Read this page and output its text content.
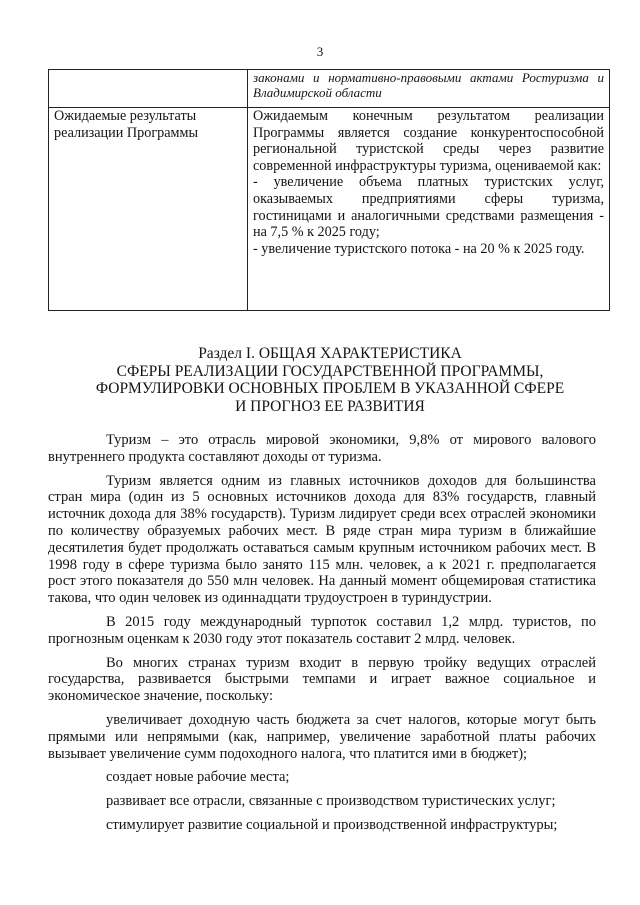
3
	законами и нормативно-правовыми актами Ростуризма и Владимирской области
Ожидаемые результаты реализации Программы	Ожидаемым конечным результатом реализации Программы является создание конкурентоспособной региональной туристской среды через развитие современной инфраструктуры туризма, оцениваемой как:

- увеличение объема платных туристских услуг, оказываемых предприятиями сферы туризма, гостиницами и аналогичными средствами размещения - на 7,5 % к 2025 году;

- увеличение туристского потока - на 20 % к 2025 году.

Раздел I. ОБЩАЯ ХАРАКТЕРИСТИКА
СФЕРЫ РЕАЛИЗАЦИИ ГОСУДАРСТВЕННОЙ ПРОГРАММЫ,
ФОРМУЛИРОВКИ ОСНОВНЫХ ПРОБЛЕМ В УКАЗАННОЙ СФЕРЕ
И ПРОГНОЗ ЕЕ РАЗВИТИЯ

Туризм – это отрасль мировой экономики, 9,8% от мирового валового внутреннего продукта составляют доходы от туризма.

Туризм является одним из главных источников доходов для большинства стран мира (один из 5 основных источников дохода для 83% государств, главный источник дохода для 38% государств). Туризм лидирует среди всех отраслей экономики по количеству образуемых рабочих мест. В ряде стран мира туризм в ближайшие десятилетия будет продолжать оставаться самым крупным источником рабочих мест. В 1998 году в сфере туризма было занято 115 млн. человек, а к 2021 г. предполагается рост этого показателя до 550 млн человек. На данный момент общемировая статистика такова, что один человек из одиннадцати трудоустроен в туриндустрии.

В 2015 году международный турпоток составил 1,2 млрд. туристов, по прогнозным оценкам к 2030 году этот показатель составит 2 млрд. человек.

Во многих странах туризм входит в первую тройку ведущих отраслей государства, развивается быстрыми темпами и играет важное социальное и экономическое значение, поскольку:

увеличивает доходную часть бюджета за счет налогов, которые могут быть прямыми или непрямыми (как, например, увеличение заработной платы рабочих вызывает увеличение сумм подоходного налога, что платится ими в бюджет);

создает новые рабочие места;

развивает все отрасли, связанные с производством туристических услуг;

стимулирует развитие социальной и производственной инфраструктуры;
